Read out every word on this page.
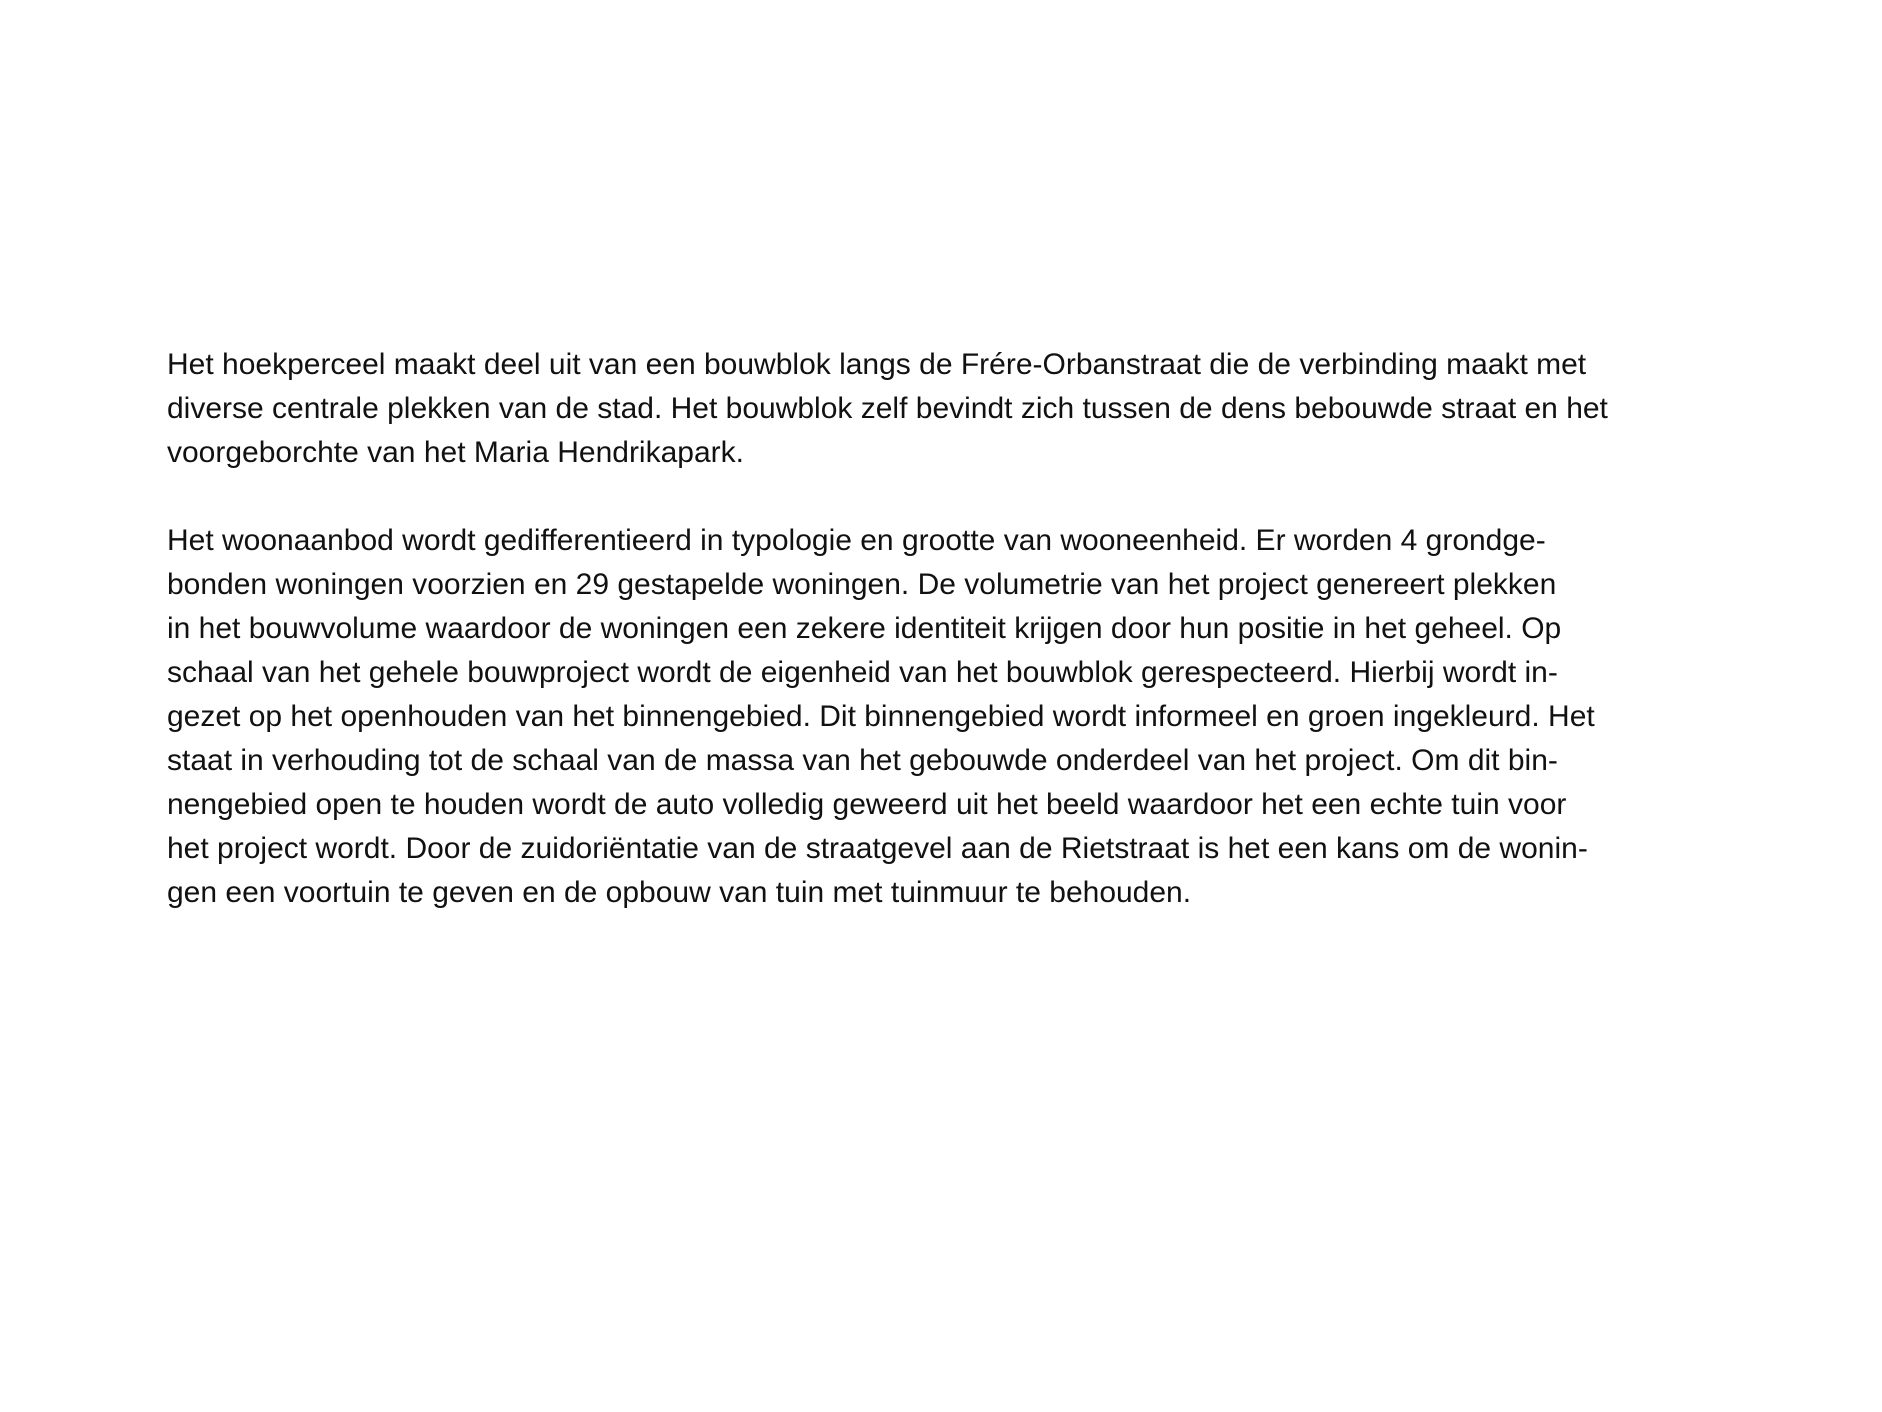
Het hoekperceel maakt deel uit van een bouwblok langs de Frére-Orbanstraat die de verbinding maakt met
diverse centrale plekken van de stad. Het bouwblok zelf bevindt zich tussen de dens bebouwde straat en het
voorgeborchte van het Maria Hendrikapark.

Het woonaanbod wordt gedifferentieerd in typologie en grootte van wooneenheid. Er worden 4 grondge-
bonden woningen voorzien en 29 gestapelde woningen. De volumetrie van het project genereert plekken
in het bouwvolume waardoor de woningen een zekere identiteit krijgen door hun positie in het geheel. Op
schaal van het gehele bouwproject wordt de eigenheid van het bouwblok gerespecteerd. Hierbij wordt in-
gezet op het openhouden van het binnengebied. Dit binnengebied wordt informeel en groen ingekleurd. Het
staat in verhouding tot de schaal van de massa van het gebouwde onderdeel van het project. Om dit bin-
nengebied open te houden wordt de auto volledig geweerd uit het beeld waardoor het een echte tuin voor
het project wordt. Door de zuidoriëntatie van de straatgevel aan de Rietstraat is het een kans om de wonin-
gen een voortuin te geven en de opbouw van tuin met tuinmuur te behouden.
